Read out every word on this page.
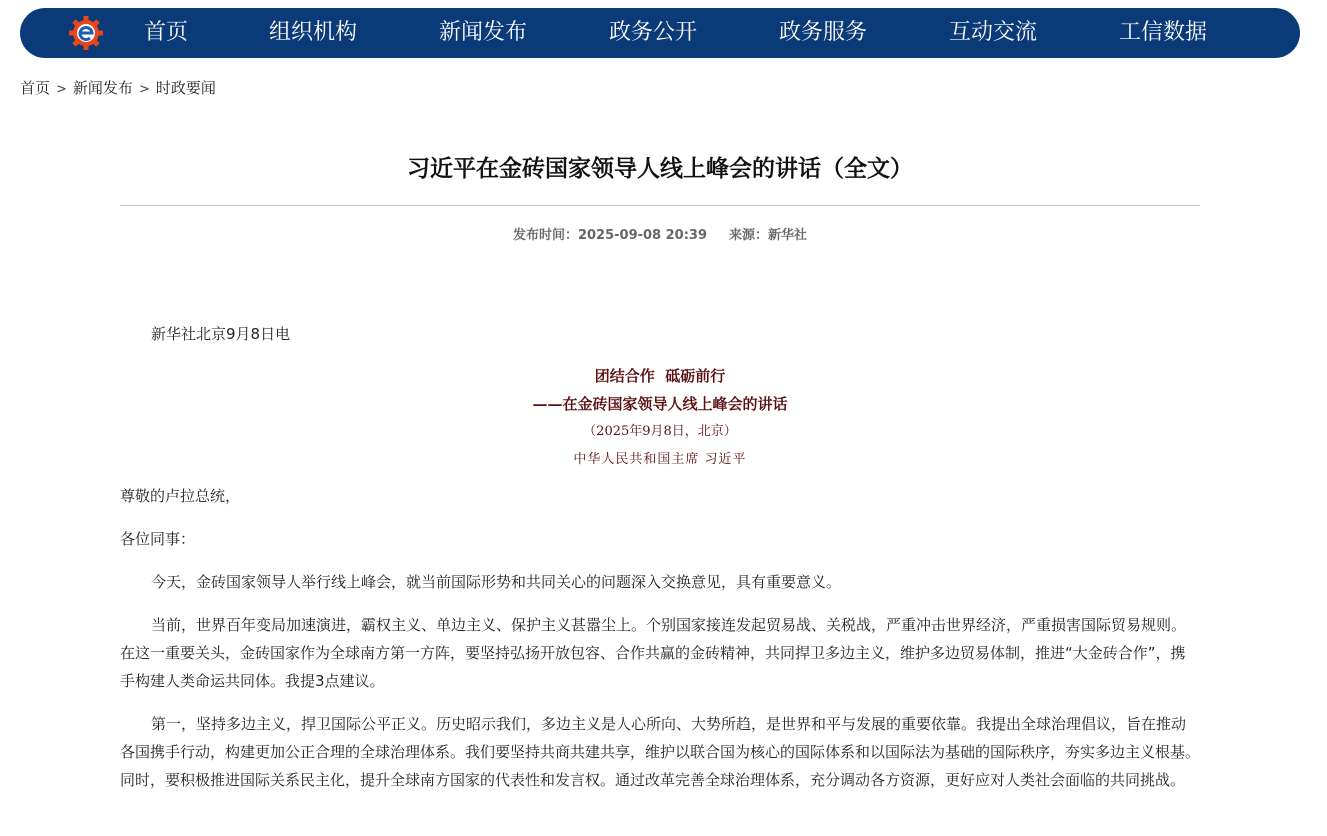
首页	组织机构	新闻发布	政务公开	政务服务	互动交流	工信数据
首页 > 新闻发布 > 时政要闻
习近平在金砖国家领导人线上峰会的讲话（全文）
发布时间：2025-09-08 20:39 来源：新华社

新华社北京9月8日电

团结合作  砥砺前行

——在金砖国家领导人线上峰会的讲话

（2025年9月8日，北京）

中华人民共和国主席 习近平

尊敬的卢拉总统，

各位同事：

今天，金砖国家领导人举行线上峰会，就当前国际形势和共同关心的问题深入交换意见，具有重要意义。

当前，世界百年变局加速演进，霸权主义、单边主义、保护主义甚嚣尘上。个别国家接连发起贸易战、关税战，严重冲击世界经济，严重损害国际贸易规则。在这一重要关头，金砖国家作为全球南方第一方阵，要坚持弘扬开放包容、合作共赢的金砖精神，共同捍卫多边主义，维护多边贸易体制，推进“大金砖合作”，携手构建人类命运共同体。我提3点建议。

第一，坚持多边主义，捍卫国际公平正义。历史昭示我们，多边主义是人心所向、大势所趋，是世界和平与发展的重要依靠。我提出全球治理倡议，旨在推动各国携手行动，构建更加公正合理的全球治理体系。我们要坚持共商共建共享，维护以联合国为核心的国际体系和以国际法为基础的国际秩序，夯实多边主义根基。同时，要积极推进国际关系民主化，提升全球南方国家的代表性和发言权。通过改革完善全球治理体系，充分调动各方资源，更好应对人类社会面临的共同挑战。
